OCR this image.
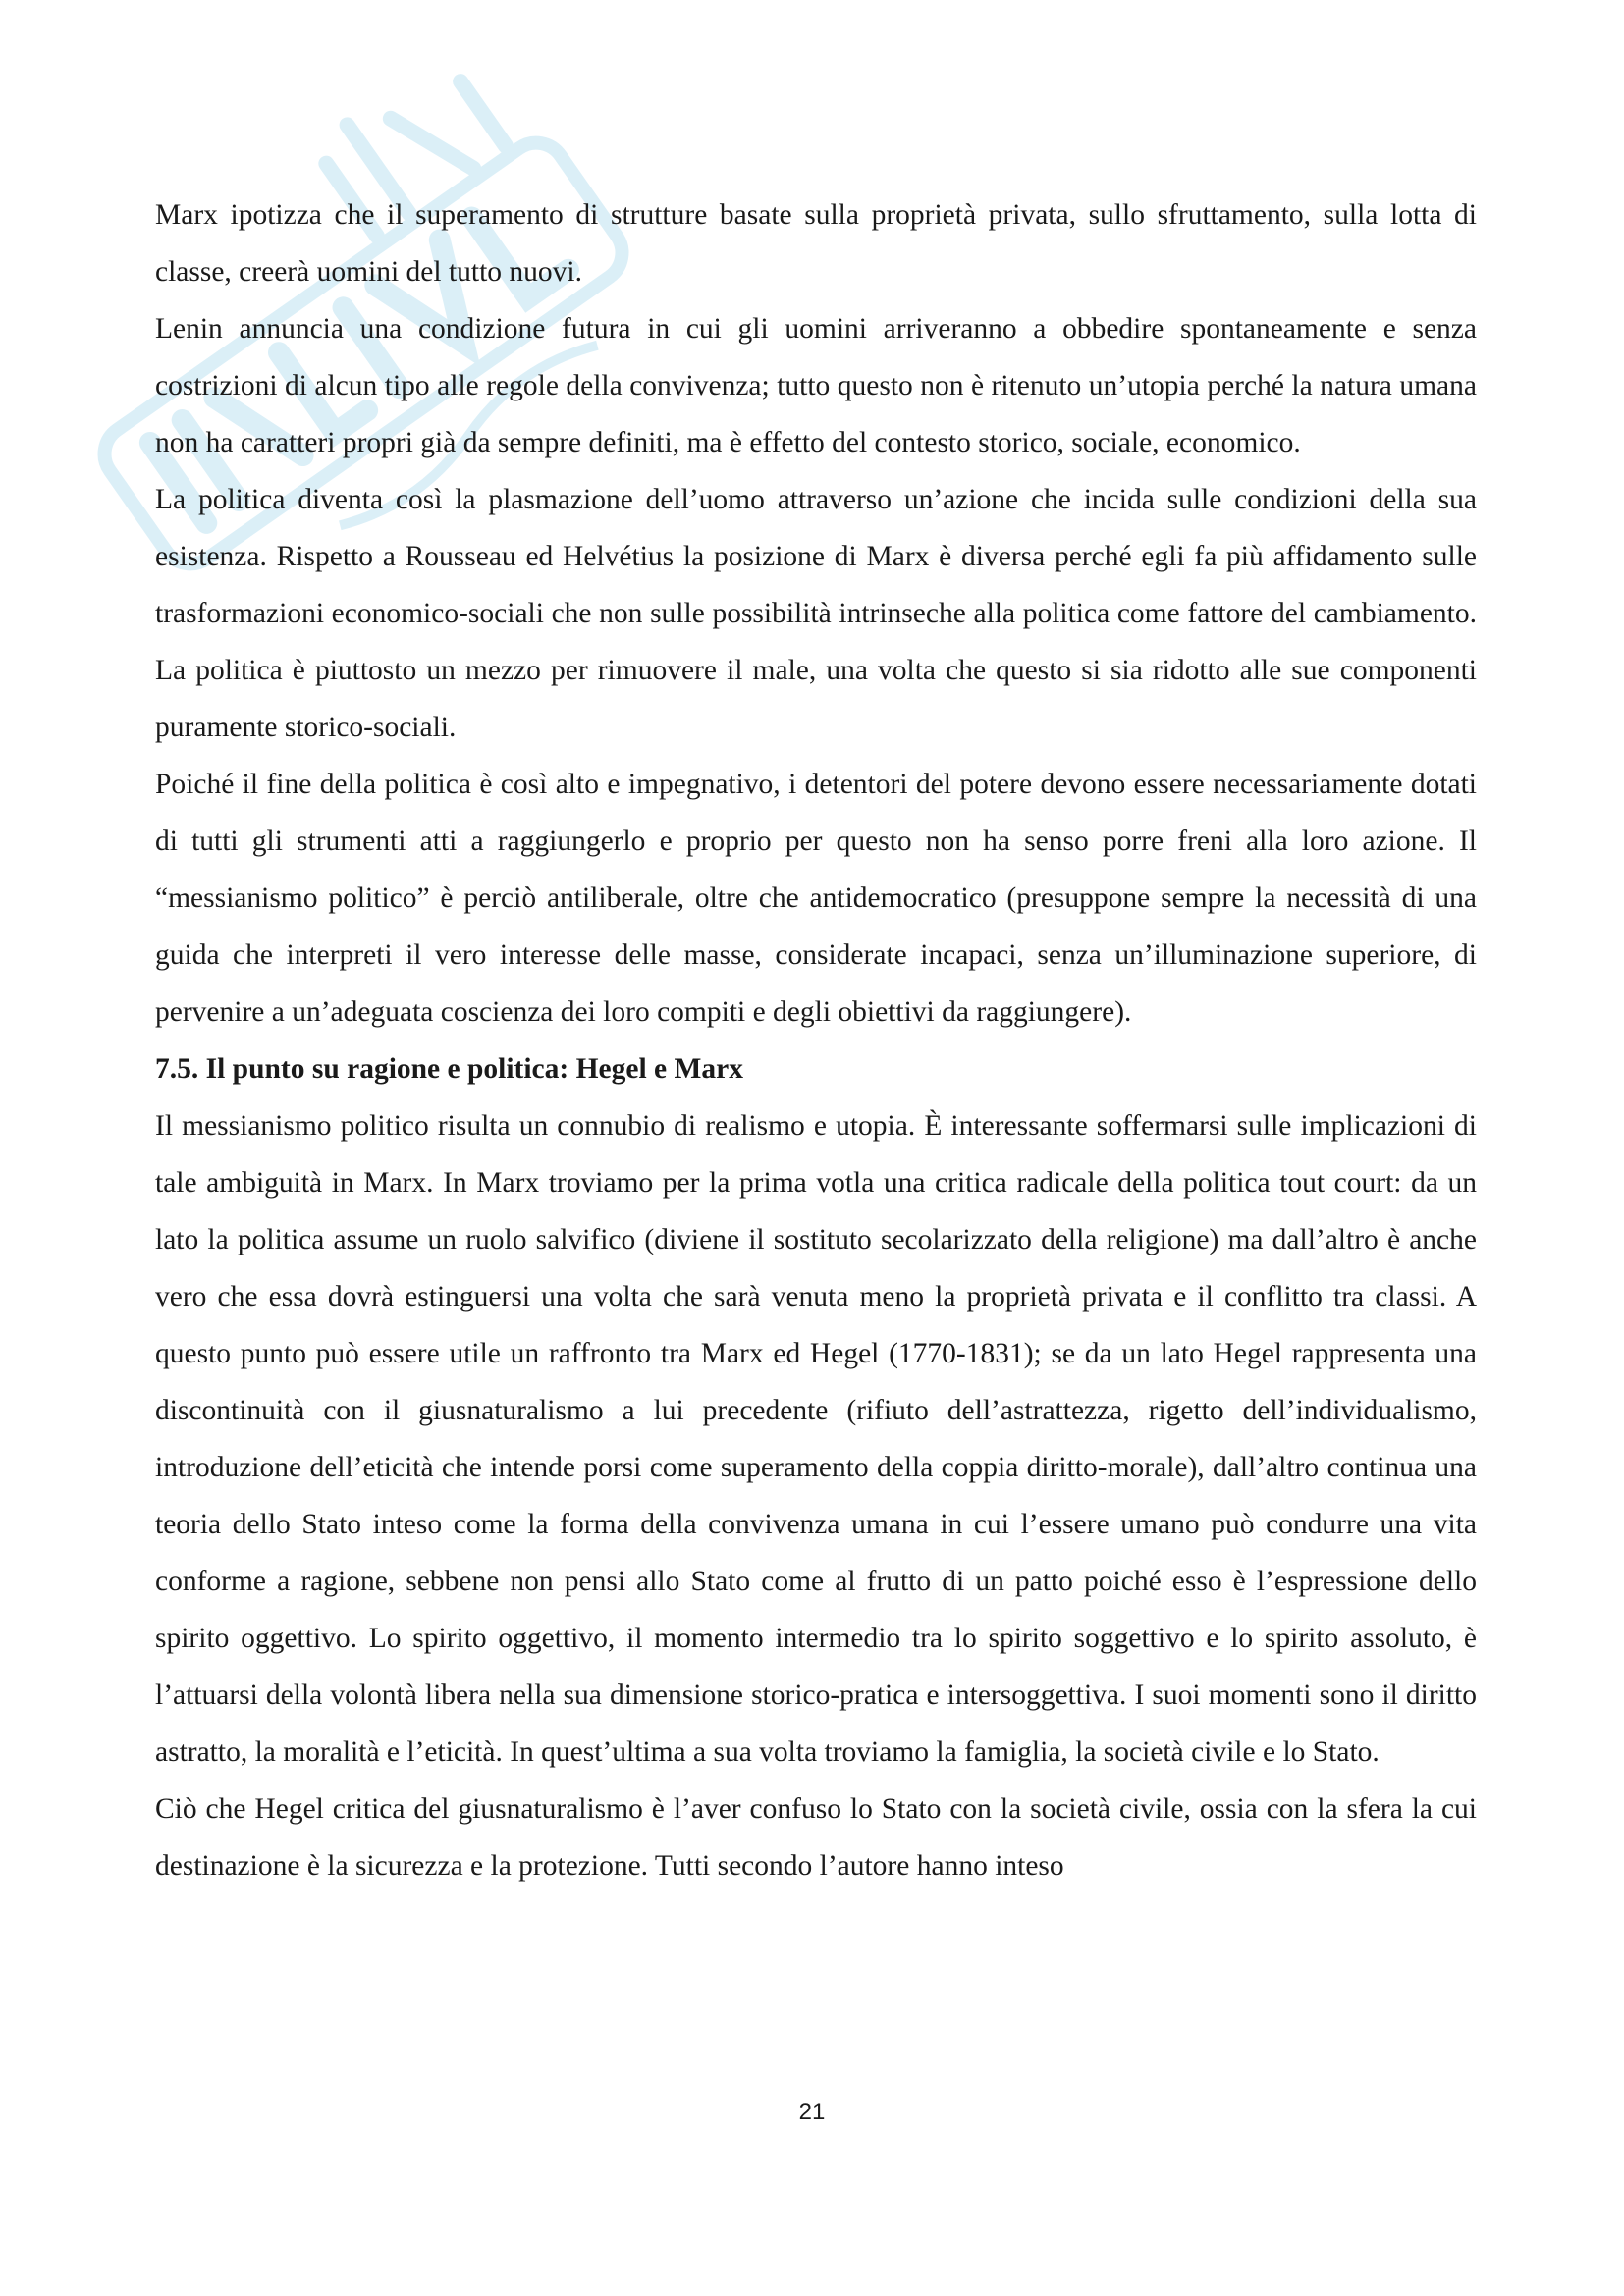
Marx ipotizza che il superamento di strutture basate sulla proprietà privata, sullo sfruttamento, sulla lotta di classe, creerà uomini del tutto nuovi.

Lenin annuncia una condizione futura in cui gli uomini arriveranno a obbedire spontaneamente e senza costrizioni di alcun tipo alle regole della convivenza; tutto questo non è ritenuto un’utopia perché la natura umana non ha caratteri propri già da sempre definiti, ma è effetto del contesto storico, sociale, economico.

La politica diventa così la plasmazione dell’uomo attraverso un’azione che incida sulle condizioni della sua esistenza. Rispetto a Rousseau ed Helvétius la posizione di Marx è diversa perché egli fa più affidamento sulle trasformazioni economico-sociali che non sulle possibilità intrinseche alla politica come fattore del cambiamento. La politica è piuttosto un mezzo per rimuovere il male, una volta che questo si sia ridotto alle sue componenti puramente storico-sociali.

Poiché il fine della politica è così alto e impegnativo, i detentori del potere devono essere necessariamente dotati di tutti gli strumenti atti a raggiungerlo e proprio per questo non ha senso porre freni alla loro azione. Il “messianismo politico” è perciò antiliberale, oltre che antidemocratico (presuppone sempre la necessità di una guida che interpreti il vero interesse delle masse, considerate incapaci, senza un’illuminazione superiore, di pervenire a un’adeguata coscienza dei loro compiti e degli obiettivi da raggiungere).

7.5. Il punto su ragione e politica: Hegel e Marx

Il messianismo politico risulta un connubio di realismo e utopia. È interessante soffermarsi sulle implicazioni di tale ambiguità in Marx. In Marx troviamo per la prima votla una critica radicale della politica tout court: da un lato la politica assume un ruolo salvifico (diviene il sostituto secolarizzato della religione) ma dall’altro è anche vero che essa dovrà estinguersi una volta che sarà venuta meno la proprietà privata e il conflitto tra classi. A questo punto può essere utile un raffronto tra Marx ed Hegel (1770-1831); se da un lato Hegel rappresenta una discontinuità con il giusnaturalismo a lui precedente (rifiuto dell’astrattezza, rigetto dell’individualismo, introduzione dell’eticità che intende porsi come superamento della coppia diritto-morale), dall’altro continua una teoria dello Stato inteso come la forma della convivenza umana in cui l’essere umano può condurre una vita conforme a ragione, sebbene non pensi allo Stato come al frutto di un patto poiché esso è l’espressione dello spirito oggettivo. Lo spirito oggettivo, il momento intermedio tra lo spirito soggettivo e lo spirito assoluto, è l’attuarsi della volontà libera nella sua dimensione storico-pratica e intersoggettiva. I suoi momenti sono il diritto astratto, la moralità e l’eticità. In quest’ultima a sua volta troviamo la famiglia, la società civile e lo Stato.

Ciò che Hegel critica del giusnaturalismo è l’aver confuso lo Stato con la società civile, ossia con la sfera la cui destinazione è la sicurezza e la protezione. Tutti secondo l’autore hanno inteso

21
